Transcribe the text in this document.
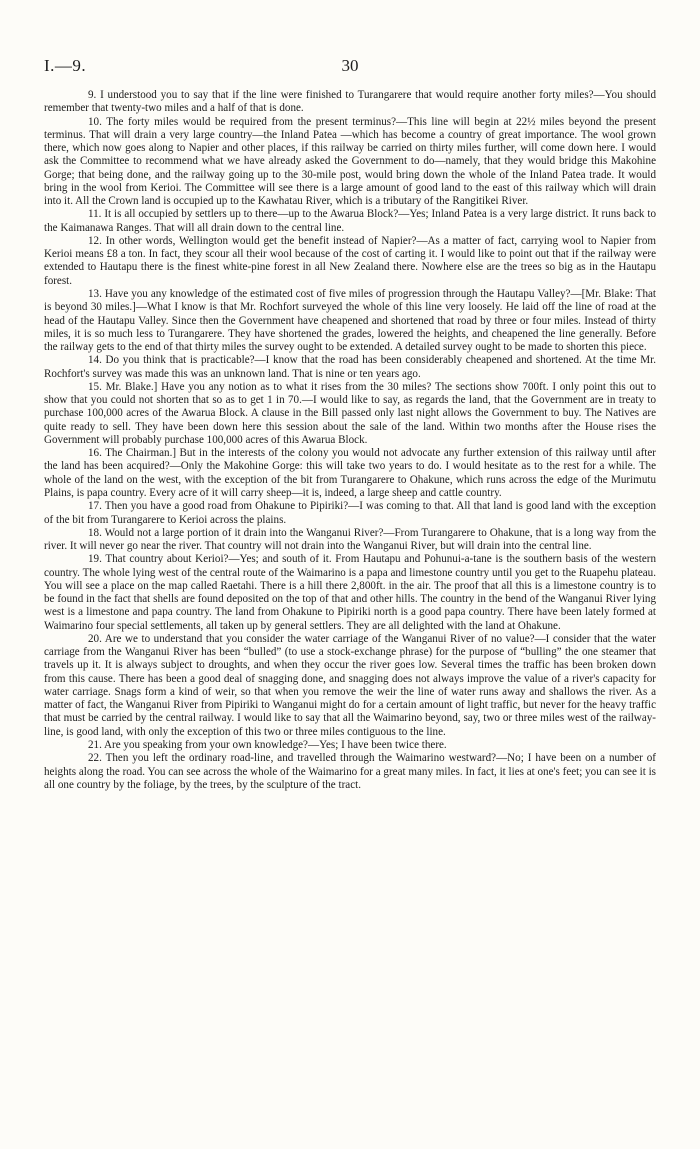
I.—9.	30

9. I understood you to say that if the line were finished to Turangarere that would require another forty miles?—You should remember that twenty-two miles and a half of that is done.

10. The forty miles would be required from the present terminus?—This line will begin at 22½ miles beyond the present terminus. That will drain a very large country—the Inland Patea —which has become a country of great importance. The wool grown there, which now goes along to Napier and other places, if this railway be carried on thirty miles further, will come down here. I would ask the Committee to recommend what we have already asked the Government to do—namely, that they would bridge this Makohine Gorge; that being done, and the railway going up to the 30-mile post, would bring down the whole of the Inland Patea trade. It would bring in the wool from Kerioi. The Committee will see there is a large amount of good land to the east of this railway which will drain into it. All the Crown land is occupied up to the Kawhatau River, which is a tributary of the Rangitikei River.

11. It is all occupied by settlers up to there—up to the Awarua Block?—Yes; Inland Patea is a very large district. It runs back to the Kaimanawa Ranges. That will all drain down to the central line.

12. In other words, Wellington would get the benefit instead of Napier?—As a matter of fact, carrying wool to Napier from Kerioi means £8 a ton. In fact, they scour all their wool because of the cost of carting it. I would like to point out that if the railway were extended to Hautapu there is the finest white-pine forest in all New Zealand there. Nowhere else are the trees so big as in the Hautapu forest.

13. Have you any knowledge of the estimated cost of five miles of progression through the Hautapu Valley?—[Mr. Blake: That is beyond 30 miles.]—What I know is that Mr. Rochfort surveyed the whole of this line very loosely. He laid off the line of road at the head of the Hautapu Valley. Since then the Government have cheapened and shortened that road by three or four miles. Instead of thirty miles, it is so much less to Turangarere. They have shortened the grades, lowered the heights, and cheapened the line generally. Before the railway gets to the end of that thirty miles the survey ought to be extended. A detailed survey ought to be made to shorten this piece.

14. Do you think that is practicable?—I know that the road has been considerably cheapened and shortened. At the time Mr. Rochfort's survey was made this was an unknown land. That is nine or ten years ago.

15. Mr. Blake.] Have you any notion as to what it rises from the 30 miles? The sections show 700ft. I only point this out to show that you could not shorten that so as to get 1 in 70.—I would like to say, as regards the land, that the Government are in treaty to purchase 100,000 acres of the Awarua Block. A clause in the Bill passed only last night allows the Government to buy. The Natives are quite ready to sell. They have been down here this session about the sale of the land. Within two months after the House rises the Government will probably purchase 100,000 acres of this Awarua Block.

16. The Chairman.] But in the interests of the colony you would not advocate any further extension of this railway until after the land has been acquired?—Only the Makohine Gorge: this will take two years to do. I would hesitate as to the rest for a while. The whole of the land on the west, with the exception of the bit from Turangarere to Ohakune, which runs across the edge of the Murimutu Plains, is papa country. Every acre of it will carry sheep—it is, indeed, a large sheep and cattle country.

17. Then you have a good road from Ohakune to Pipiriki?—I was coming to that. All that land is good land with the exception of the bit from Turangarere to Kerioi across the plains.

18. Would not a large portion of it drain into the Wanganui River?—From Turangarere to Ohakune, that is a long way from the river. It will never go near the river. That country will not drain into the Wanganui River, but will drain into the central line.

19. That country about Kerioi?—Yes; and south of it. From Hautapu and Pohunui-a-tane is the southern basis of the western country. The whole lying west of the central route of the Waimarino is a papa and limestone country until you get to the Ruapehu plateau. You will see a place on the map called Raetahi. There is a hill there 2,800ft. in the air. The proof that all this is a limestone country is to be found in the fact that shells are found deposited on the top of that and other hills. The country in the bend of the Wanganui River lying west is a limestone and papa country. The land from Ohakune to Pipiriki north is a good papa country. There have been lately formed at Waimarino four special settlements, all taken up by general settlers. They are all delighted with the land at Ohakune.

20. Are we to understand that you consider the water carriage of the Wanganui River of no value?—I consider that the water carriage from the Wanganui River has been “bulled” (to use a stock-exchange phrase) for the purpose of “bulling” the one steamer that travels up it. It is always subject to droughts, and when they occur the river goes low. Several times the traffic has been broken down from this cause. There has been a good deal of snagging done, and snagging does not always improve the value of a river's capacity for water carriage. Snags form a kind of weir, so that when you remove the weir the line of water runs away and shallows the river. As a matter of fact, the Wanganui River from Pipiriki to Wanganui might do for a certain amount of light traffic, but never for the heavy traffic that must be carried by the central railway. I would like to say that all the Waimarino beyond, say, two or three miles west of the railway-line, is good land, with only the exception of this two or three miles contiguous to the line.

21. Are you speaking from your own knowledge?—Yes; I have been twice there.

22. Then you left the ordinary road-line, and travelled through the Waimarino westward?—No; I have been on a number of heights along the road. You can see across the whole of the Waimarino for a great many miles. In fact, it lies at one's feet; you can see it is all one country by the foliage, by the trees, by the sculpture of the tract.
